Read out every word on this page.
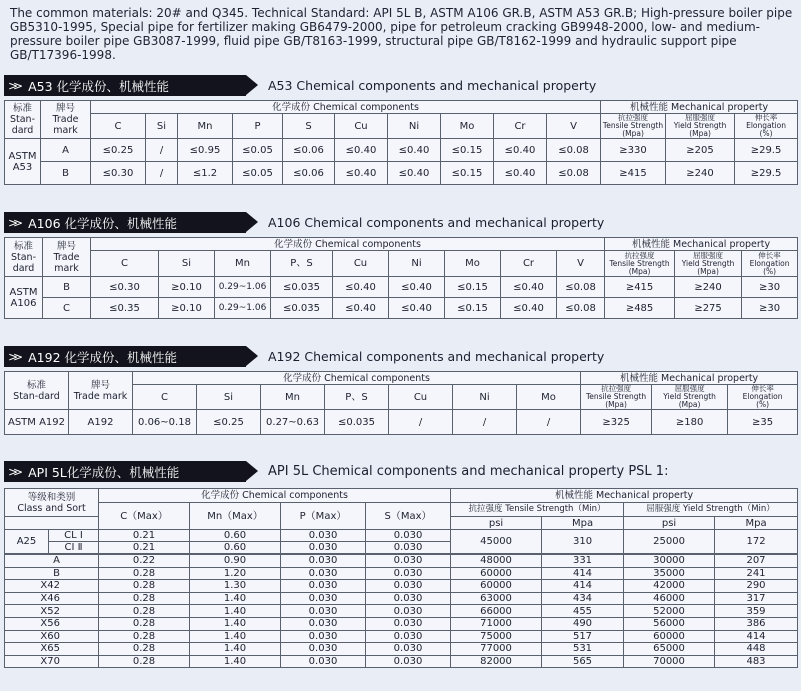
The common materials: 20# and Q345. Technical Standard: API 5L B, ASTM A106 GR.B, ASTM A53 GR.B; High-pressure boiler pipe GB5310-1995, Special pipe for fertilizer making GB6479-2000, pipe for petroleum cracking GB9948-2000, low- and medium-pressure boiler pipe GB3087-1999, fluid pipe GB/T8163-1999, structural pipe GB/T8162-1999 and hydraulic support pipe GB/T17396-1998.
>> A53 化学成份、机械性能	A53 Chemical components and mechanical property
标准
Stan-dard	牌号
Trade mark	化学成份 Chemical components										机械性能 Mechanical property		
		C	Si	Mn	P	S	Cu	Ni	Mo	Cr	V	抗拉强度
Tensile Strength
(Mpa)	屈服强度
Yield Strength
(Mpa)	伸长率
Elongation
(%)
ASTM
A53	A	≤0.25	/	≤0.95	≤0.05	≤0.06	≤0.40	≤0.40	≤0.15	≤0.40	≤0.08	≥330	≥205	≥29.5
	B	≤0.30	/	≤1.2	≤0.05	≤0.06	≤0.40	≤0.40	≤0.15	≤0.40	≤0.08	≥415	≥240	≥29.5
>> A106 化学成份、机械性能	A106 Chemical components and mechanical property
标准
Stan-dard	牌号
Trade mark	化学成份 Chemical components									机械性能 Mechanical property		
		C	Si	Mn	P、S	Cu	Ni	Mo	Cr	V	抗拉强度
Tensile Strength
(Mpa)	屈服强度
Yield Strength
(Mpa)	伸长率
Elongation
(%)
ASTM
A106	B	≤0.30	≥0.10	0.29~1.06	≤0.035	≤0.40	≤0.40	≤0.15	≤0.40	≤0.08	≥415	≥240	≥30
	C	≤0.35	≥0.10	0.29~1.06	≤0.035	≤0.40	≤0.40	≤0.15	≤0.40	≤0.08	≥485	≥275	≥30
>> A192 化学成份、机械性能	A192 Chemical components and mechanical property
标准
Stan-dard	牌号
Trade mark	化学成份 Chemical components							机械性能 Mechanical property		
		C	Si	Mn	P、S	Cu	Ni	Mo	抗拉强度
Tensile Strength
(Mpa)	屈服强度
Yield Strength
(Mpa)	伸长率
Elongation
(%)
ASTM A192	A192	0.06~0.18	≤0.25	0.27~0.63	≤0.035	/	/	/	≥325	≥180	≥35
>> API 5L化学成份、机械性能	API 5L Chemical components and mechanical property PSL 1:
等级和类别
Class and Sort		化学成份 Chemical components				机械性能 Mechanical property			
		C（Max）	Mn（Max）	P（Max）	S（Max）	抗拉强度 Tensile Strength（Min）		屈服强度 Yield Strength（Min）	
						psi	Mpa	psi	Mpa
A25	CL Ⅰ	0.21	0.60	0.030	0.030	45000	310	25000	172
	CI Ⅱ	0.21	0.60	0.030	0.030				
A	0.22	0.90	0.030	0.030	48000	331	30000	207
B	0.28	1.20	0.030	0.030	60000	414	35000	241
X42	0.28	1.30	0.030	0.030	60000	414	42000	290
X46	0.28	1.40	0.030	0.030	63000	434	46000	317
X52	0.28	1.40	0.030	0.030	66000	455	52000	359
X56	0.28	1.40	0.030	0.030	71000	490	56000	386
X60	0.28	1.40	0.030	0.030	75000	517	60000	414
X65	0.28	1.40	0.030	0.030	77000	531	65000	448
X70	0.28	1.40	0.030	0.030	82000	565	70000	483
